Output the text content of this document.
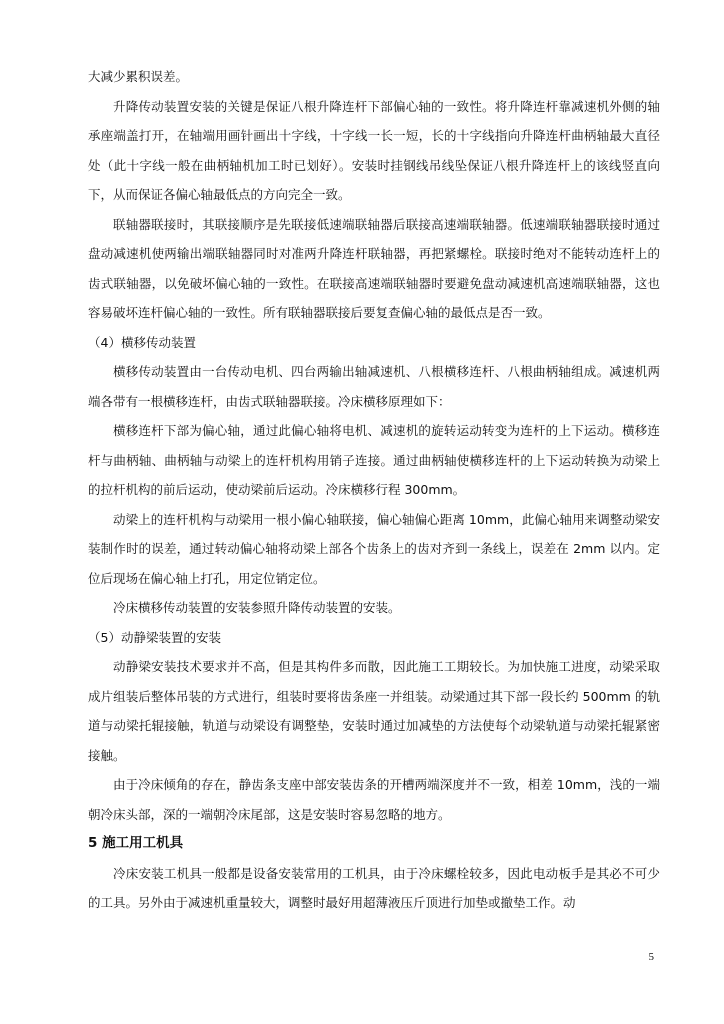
大减少累积误差。

升降传动装置安装的关键是保证八根升降连杆下部偏心轴的一致性。将升降连杆靠减速机外侧的轴承座端盖打开，在轴端用画针画出十字线，十字线一长一短，长的十字线指向升降连杆曲柄轴最大直径处（此十字线一般在曲柄轴机加工时已划好）。安装时挂钢线吊线坠保证八根升降连杆上的该线竖直向下，从而保证各偏心轴最低点的方向完全一致。

联轴器联接时，其联接顺序是先联接低速端联轴器后联接高速端联轴器。低速端联轴器联接时通过盘动减速机使两输出端联轴器同时对准两升降连杆联轴器，再把紧螺栓。联接时绝对不能转动连杆上的齿式联轴器，以免破坏偏心轴的一致性。在联接高速端联轴器时要避免盘动减速机高速端联轴器，这也容易破坏连杆偏心轴的一致性。所有联轴器联接后要复查偏心轴的最低点是否一致。

（4）横移传动装置

横移传动装置由一台传动电机、四台两输出轴减速机、八根横移连杆、八根曲柄轴组成。减速机两端各带有一根横移连杆，由齿式联轴器联接。冷床横移原理如下：

横移连杆下部为偏心轴，通过此偏心轴将电机、减速机的旋转运动转变为连杆的上下运动。横移连杆与曲柄轴、曲柄轴与动梁上的连杆机构用销子连接。通过曲柄轴使横移连杆的上下运动转换为动梁上的拉杆机构的前后运动，使动梁前后运动。冷床横移行程 300mm。

动梁上的连杆机构与动梁用一根小偏心轴联接，偏心轴偏心距离 10mm，此偏心轴用来调整动梁安装制作时的误差，通过转动偏心轴将动梁上部各个齿条上的齿对齐到一条线上，误差在 2mm 以内。定位后现场在偏心轴上打孔，用定位销定位。

冷床横移传动装置的安装参照升降传动装置的安装。

（5）动静梁装置的安装

动静梁安装技术要求并不高，但是其构件多而散，因此施工工期较长。为加快施工进度，动梁采取成片组装后整体吊装的方式进行，组装时要将齿条座一并组装。动梁通过其下部一段长约 500mm 的轨道与动梁托辊接触，轨道与动梁设有调整垫，安装时通过加减垫的方法使每个动梁轨道与动梁托辊紧密接触。

由于冷床倾角的存在，静齿条支座中部安装齿条的开槽两端深度并不一致，相差 10mm，浅的一端朝冷床头部，深的一端朝冷床尾部，这是安装时容易忽略的地方。

5 施工用工机具

冷床安装工机具一般都是设备安装常用的工机具，由于冷床螺栓较多，因此电动板手是其必不可少的工具。另外由于减速机重量较大，调整时最好用超薄液压斤顶进行加垫或撤垫工作。动

5
